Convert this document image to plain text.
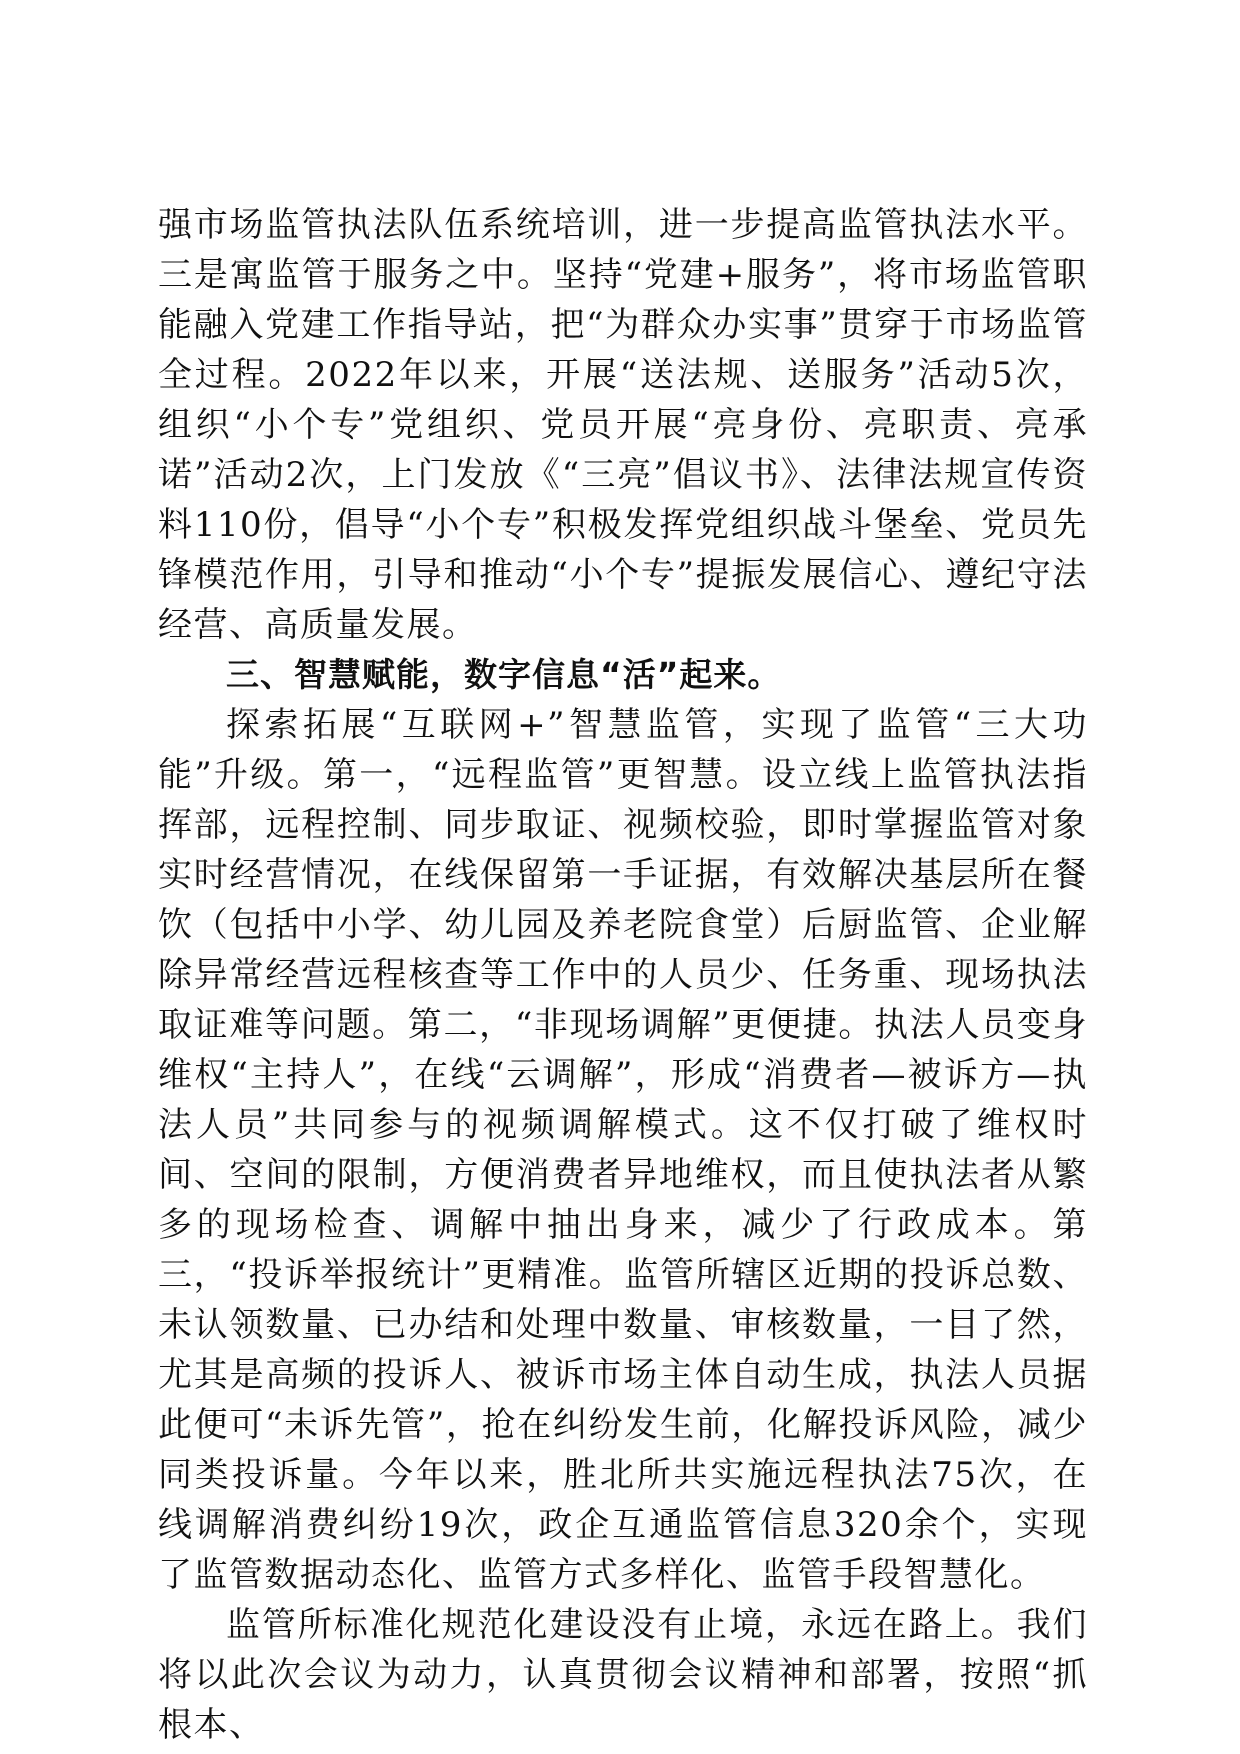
强市场监管执法队伍系统培训，进一步提高监管执法水平。三是寓监管于服务之中。坚持“党建+服务”，将市场监管职能融入党建工作指导站，把“为群众办实事”贯穿于市场监管全过程。2022年以来，开展“送法规、送服务”活动5次，组织“小个专”党组织、党员开展“亮身份、亮职责、亮承诺”活动2次，上门发放《“三亮”倡议书》、法律法规宣传资料110份，倡导“小个专”积极发挥党组织战斗堡垒、党员先锋模范作用，引导和推动“小个专”提振发展信心、遵纪守法经营、高质量发展。

三、智慧赋能，数字信息“活”起来。

探索拓展“互联网+”智慧监管，实现了监管“三大功能”升级。第一，“远程监管”更智慧。设立线上监管执法指挥部，远程控制、同步取证、视频校验，即时掌握监管对象实时经营情况，在线保留第一手证据，有效解决基层所在餐饮（包括中小学、幼儿园及养老院食堂）后厨监管、企业解除异常经营远程核查等工作中的人员少、任务重、现场执法取证难等问题。第二，“非现场调解”更便捷。执法人员变身维权“主持人”，在线“云调解”，形成“消费者—被诉方—执法人员”共同参与的视频调解模式。这不仅打破了维权时间、空间的限制，方便消费者异地维权，而且使执法者从繁多的现场检查、调解中抽出身来，减少了行政成本。第三，“投诉举报统计”更精准。监管所辖区近期的投诉总数、未认领数量、已办结和处理中数量、审核数量，一目了然，尤其是高频的投诉人、被诉市场主体自动生成，执法人员据此便可“未诉先管”，抢在纠纷发生前，化解投诉风险，减少同类投诉量。今年以来，胜北所共实施远程执法75次，在线调解消费纠纷19次，政企互通监管信息320余个，实现了监管数据动态化、监管方式多样化、监管手段智慧化。

监管所标准化规范化建设没有止境，永远在路上。我们将以此次会议为动力，认真贯彻会议精神和部署，按照“抓根本、
